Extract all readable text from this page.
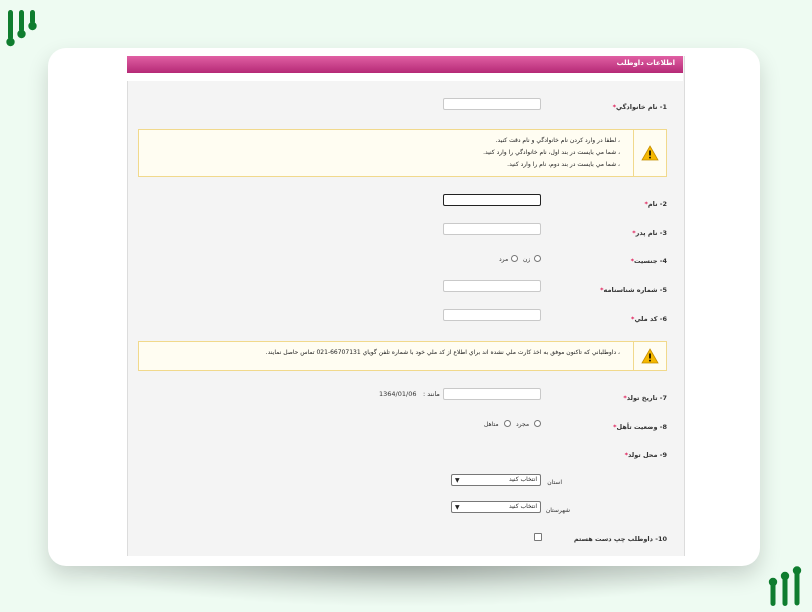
اطلاعات داوطلب
1- نام خانوادگي*
، لطفا در وارد كردن نام خانوادگي و نام دقت كنيد.
، شما مي بايست در بند اول، نام خانوادگي را وارد كنيد.
، شما مي بايست در بند دوم، نام را وارد كنيد.
2- نام*
3- نام پدر*
4- جنسيت*
زن
مرد
5- شماره شناسنامه*
6- كد ملي*
، داوطلباني كه تاكنون موفق به اخذ كارت ملي نشده اند براي اطلاع از كد ملي خود با شماره تلفن گوياي 66707131-021 تماس حاصل نمايند.
7- تاريخ تولد*
مانند :
1364/01/06
8- وضعيت تأهل*
مجرد
متاهل
9- محل تولد*
استان
انتخاب كنيد
▼
شهرستان
انتخاب كنيد
▼
10- داوطلب چپ دست هستم
